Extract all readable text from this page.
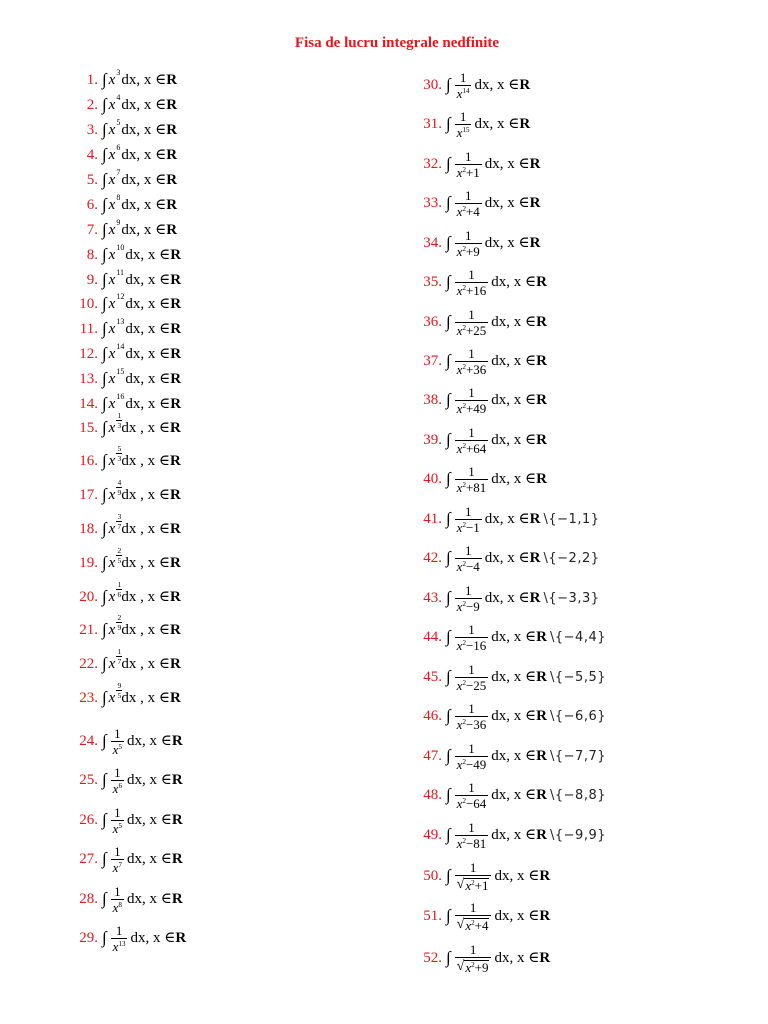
Fisa de lucru integrale nedfinite
1. ∫ x 3 dx, x ∈ R
2. ∫ x 4 dx, x ∈ R
3. ∫ x 5 dx, x ∈ R
4. ∫ x 6 dx, x ∈ R
5. ∫ x 7 dx, x ∈ R
6. ∫ x 8 dx, x ∈ R
7. ∫ x 9 dx, x ∈ R
8. ∫ x 10 dx, x ∈ R
9. ∫ x 11 dx, x ∈ R
10. ∫ x 12 dx, x ∈ R
11. ∫ x 13 dx, x ∈ R
12. ∫ x 14 dx, x ∈ R
13. ∫ x 15 dx, x ∈ R
14. ∫ x 16 dx, x ∈ R
15. ∫ x
1
3 dx , x ∈ R
16. ∫ x
5
3 dx , x ∈ R
17. ∫ x
4
9 dx , x ∈ R
18. ∫ x
3
7 dx , x ∈ R
19. ∫ x
2
5 dx , x ∈ R
20. ∫ x
1
6 dx , x ∈ R
21. ∫ x
2
9 dx , x ∈ R
22. ∫ x
1
7 dx , x ∈ R
23. ∫ x
9
5 dx , x ∈ R
24. ∫ $\frac{1}{x^5}$ dx, x ∈ R
25. ∫ $\frac{1}{x^6}$ dx, x ∈ R
26. ∫ $\frac{1}{x^5}$ dx, x ∈ R
27. ∫ $\frac{1}{x^7}$ dx, x ∈ R
28. ∫ $\frac{1}{x^8}$ dx, x ∈ R
29. ∫ $\frac{1}{x^{13}}$ dx, x ∈ R
30. ∫ $\frac{1}{x^{14}}$ dx, x ∈ R
31. ∫ $\frac{1}{x^{15}}$ dx, x ∈ R
32. ∫ $\frac{1}{x^2+1}$ dx, x ∈ R
33. ∫ $\frac{1}{x^2+4}$ dx, x ∈ R
34. ∫ $\frac{1}{x^2+9}$ dx, x ∈ R
35. ∫ $\frac{1}{x^2+16}$ dx, x ∈ R
36. ∫ $\frac{1}{x^2+25}$ dx, x ∈ R
37. ∫ $\frac{1}{x^2+36}$ dx, x ∈ R
38. ∫ $\frac{1}{x^2+49}$ dx, x ∈ R
39. ∫ $\frac{1}{x^2+64}$ dx, x ∈ R
40. ∫ $\frac{1}{x^2+81}$ dx, x ∈ R
41. ∫ $\frac{1}{x^2-1}$ dx, x ∈ R \{−1,1}
42. ∫ $\frac{1}{x^2-4}$ dx, x ∈ R \{−2,2}
43. ∫ $\frac{1}{x^2-9}$ dx, x ∈ R \{−3,3}
44. ∫ $\frac{1}{x^2-16}$ dx, x ∈ R \{−4,4}
45. ∫ $\frac{1}{x^2-25}$ dx, x ∈ R \{−5,5}
46. ∫ $\frac{1}{x^2-36}$ dx, x ∈ R \{−6,6}
47. ∫ $\frac{1}{x^2-49}$ dx, x ∈ R \{−7,7}
48. ∫ $\frac{1}{x^2-64}$ dx, x ∈ R \{−8,8}
49. ∫ $\frac{1}{x^2-81}$ dx, x ∈ R \{−9,9}
50. ∫ $\frac{1}{√ x^2+1}$ dx, x ∈ R
51. ∫ $\frac{1}{√ x^2+4}$ dx, x ∈ R
52. ∫ $\frac{1}{√ x^2+9}$ dx, x ∈ R
